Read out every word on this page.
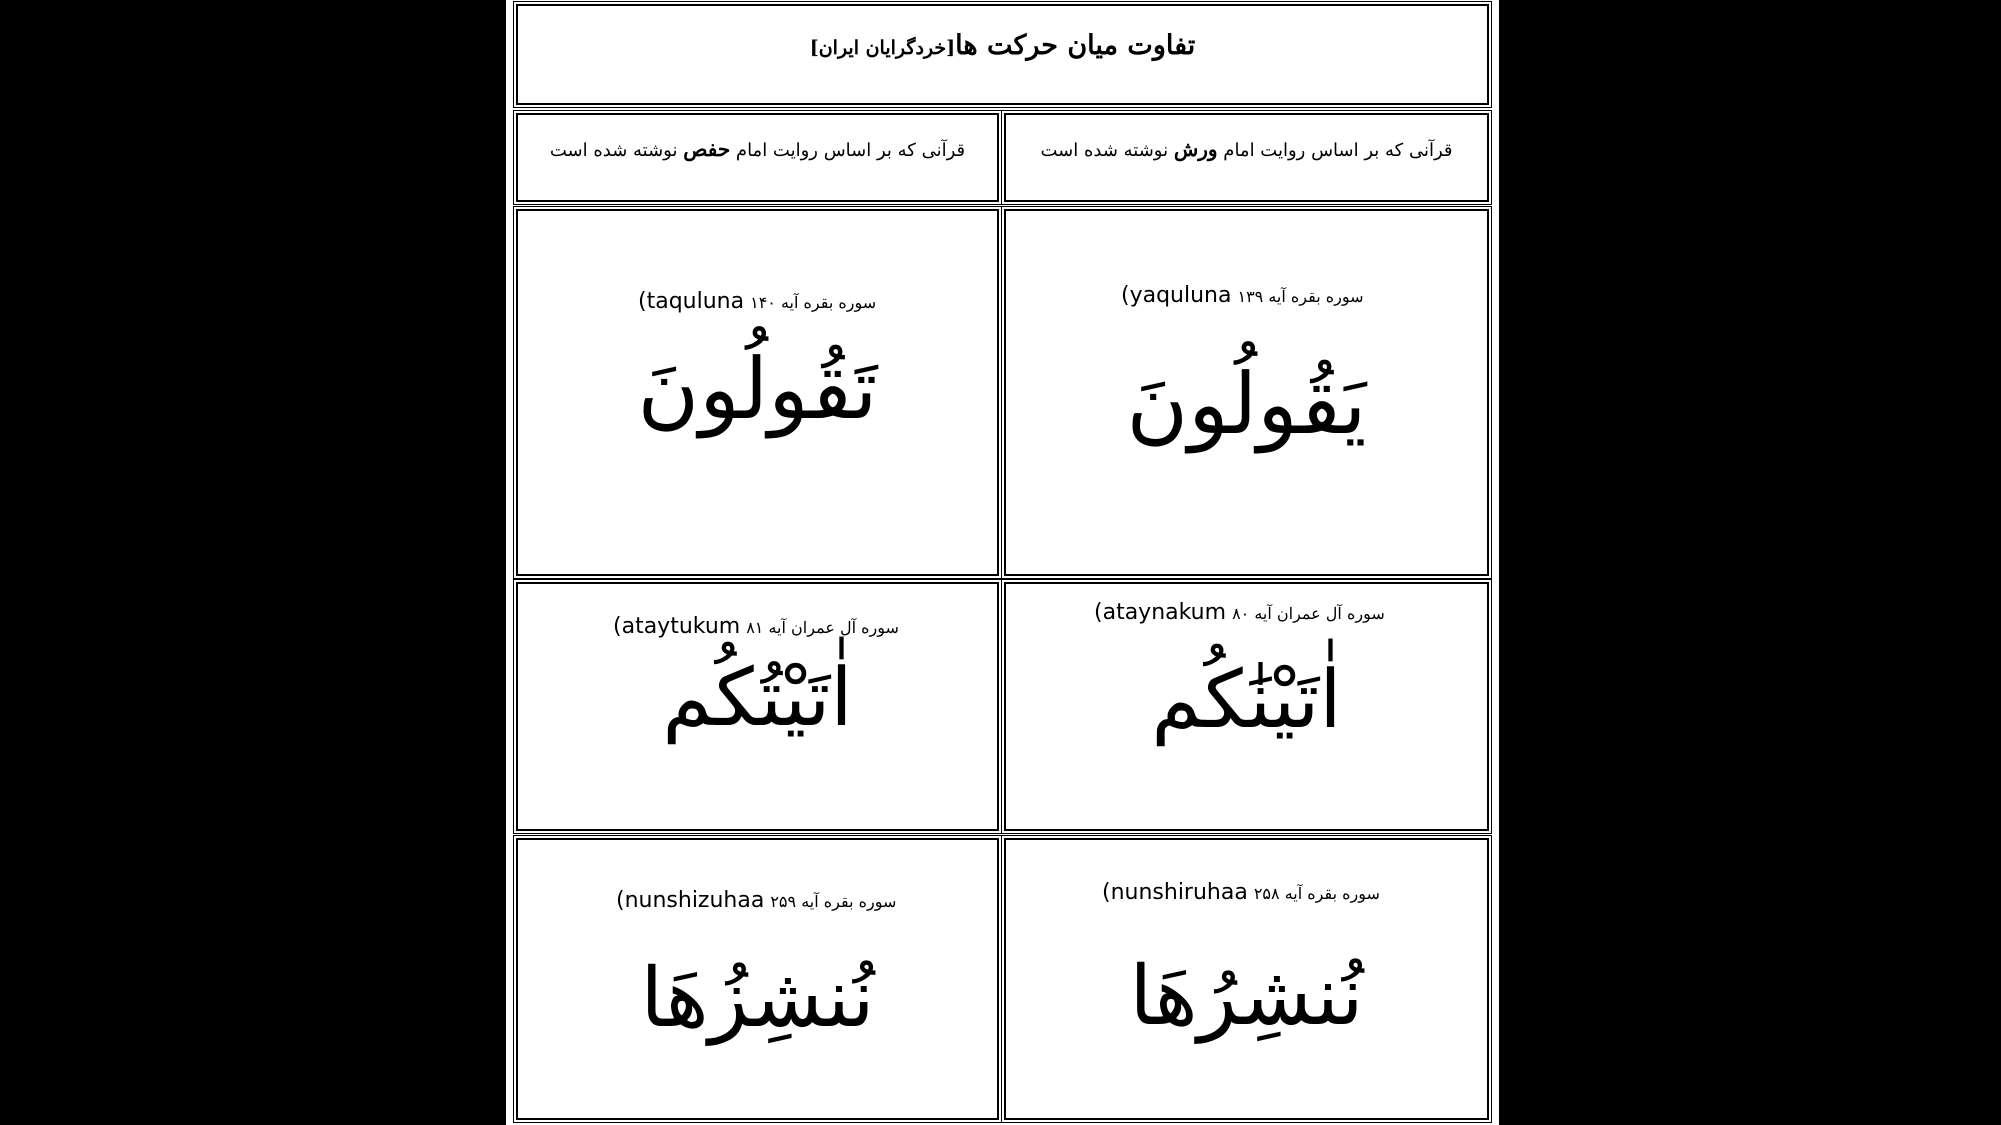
تفاوت میان حرکت ها[خردگرایان ایران]
قرآنی که بر اساس روایت امام ورش نوشته شده است
قرآنی که بر اساس روایت امام حفص نوشته شده است
(yaqulunа سوره بقره آیه ۱۳۹
يَقُولُونَ
(taqulunа سوره بقره آیه ۱۴۰
تَقُولُونَ
(ataynakum سوره آل عمران آیه ۸۰
اٰتَيْنَٰكُم
(ataytukum سوره آل عمران آیه ۸۱
اٰتَيْتُكُم
(nunshiruhaa سوره بقره آیه ۲۵۸
نُنشِرُهَا
(nunshizuhaa سوره بقره آیه ۲۵۹
نُنشِزُهَا
